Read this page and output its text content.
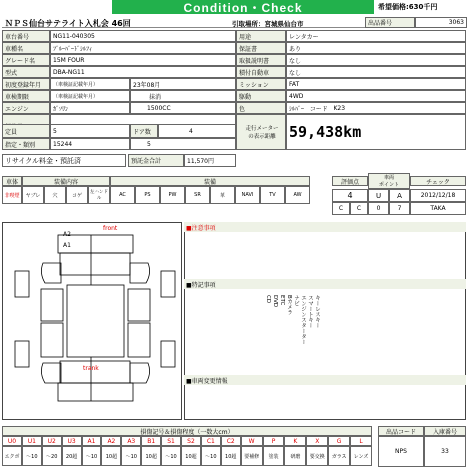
Condition・Check	希望価格:630千円
ＮＰＳ仙台サテライト入札会 46回	引取場所：宮城県仙台市	出品番号	3063
車台番号	NG11-040305
車種名	ﾌﾞﾙｰﾊﾞｰﾄﾞｼﾙﾌｨ
グレード名	15M FOUR
型式	DBA-NG11
初度登録年月 （車検証記載年月）	23年08月
車検期限	（車検証記載年月）	抹消
エンジン	ｶﾞｿﾘﾝ	1500CC
用途	レンタカー
保証書	あり
取扱説明書	なし
積付自動車	なし
ミッション	FAT
駆動	4WD
色	ｼﾙﾊﾞｰ
コード
K23
定員	5	ドア数	4
指定・類別	15244	5
走行メーター
の表示距離 59,438km
リサイクル料金・預託済	預託金合計	11,570円
車体	装備内容	装備	評価点
車両
ポイント	チェック
非喫煙 ヤブレ 穴	コゲ 左ハンドル
AC	PS	PW	SR	革	NAVI	TV	AW	4	U A	2012/12/18
C C	0	7	TAKA
front
A2
A1
trank
■注意事項
■特記事項
キーレスキー
スマートキー
エンジンスターター
ナビ
Bカメラ
ETC
DVD
CD
■車両変更情報
損傷記号＆損傷程度（一数大cm）	出品コード	入庫番号
NPS	33
U0 U1 U2 U3 A1 A2 A3 B1 S1 S2 C1 C2 W	P	K	X	G	L
エクボ ～10 ～20 20超 ～10 10超 ～10 10超 ～10 10超 ～10 10超 要補修 塗装 研磨 要交換 ガラス レンズ
